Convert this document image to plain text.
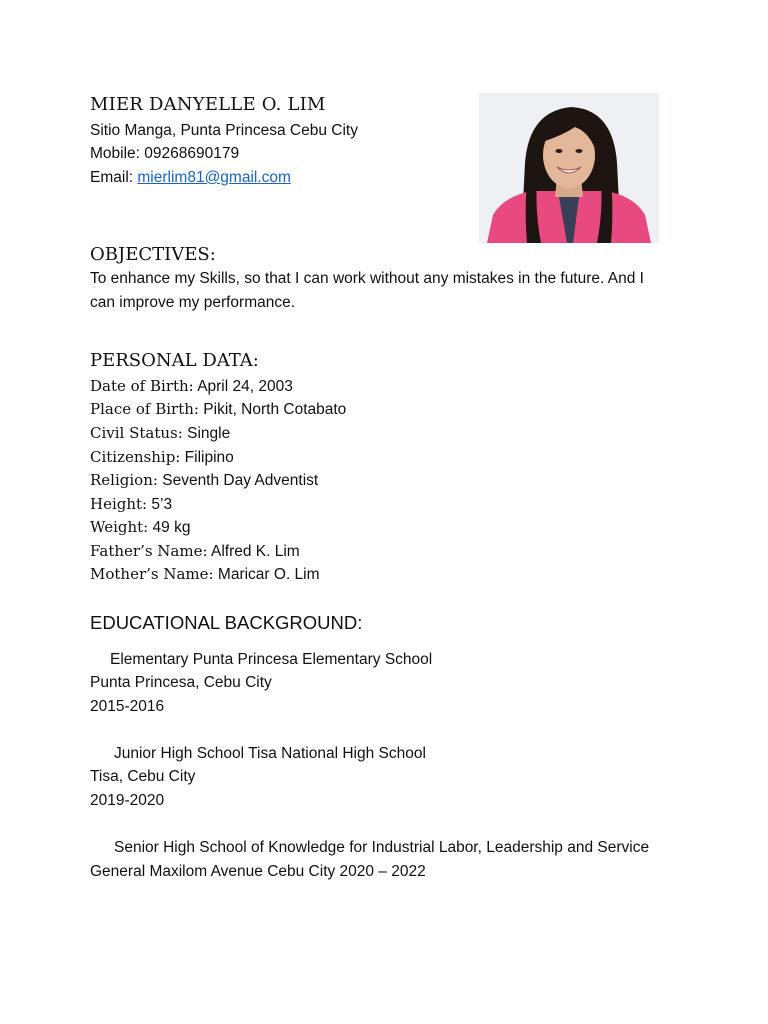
MIER DANYELLE O. LIM
Sitio Manga, Punta Princesa Cebu City
Mobile: 09268690179
Email: mierlim81@gmail.com
OBJECTIVES:
To enhance my Skills, so that I can work without any mistakes in the future. And I
can improve my performance.
PERSONAL DATA:
Date of Birth: April 24, 2003
Place of Birth: Pikit, North Cotabato
Civil Status: Single
Citizenship: Filipino
Religion: Seventh Day Adventist
Height: 5’3
Weight: 49 kg
Father’s Name: Alfred K. Lim
Mother’s Name: Maricar O. Lim
EDUCATIONAL BACKGROUND:
Elementary Punta Princesa Elementary School
Punta Princesa, Cebu City
2015-2016
Junior High School Tisa National High School
Tisa, Cebu City
2019-2020
Senior High School of Knowledge for Industrial Labor, Leadership and Service
General Maxilom Avenue Cebu City 2020 – 2022
